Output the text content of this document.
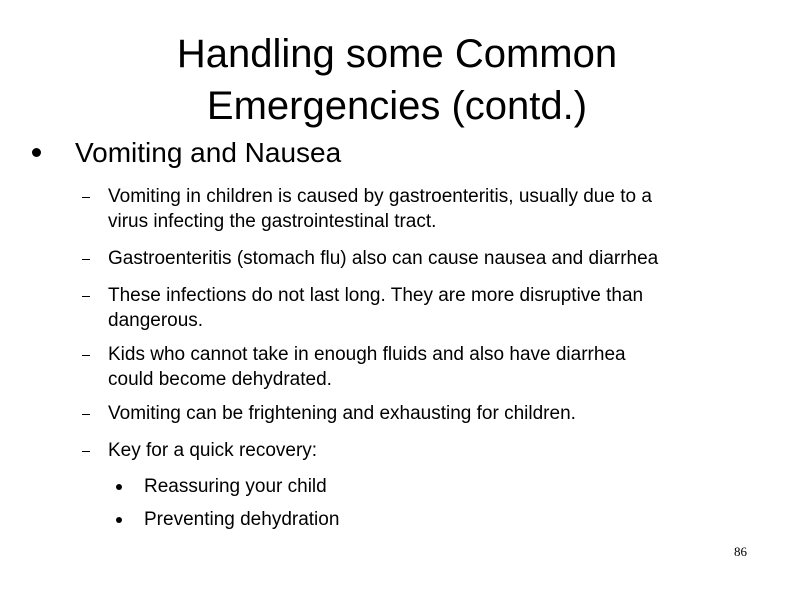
Handling some Common
Emergencies (contd.)
Vomiting and Nausea
Vomiting in children is caused by gastroenteritis, usually due to a
virus infecting the gastrointestinal tract.
Gastroenteritis (stomach flu) also can cause nausea and diarrhea
These infections do not last long. They are more disruptive than
dangerous.
Kids who cannot take in enough fluids and also have diarrhea
could become dehydrated.
Vomiting can be frightening and exhausting for children.
Key for a quick recovery:
Reassuring your child
Preventing dehydration
86
